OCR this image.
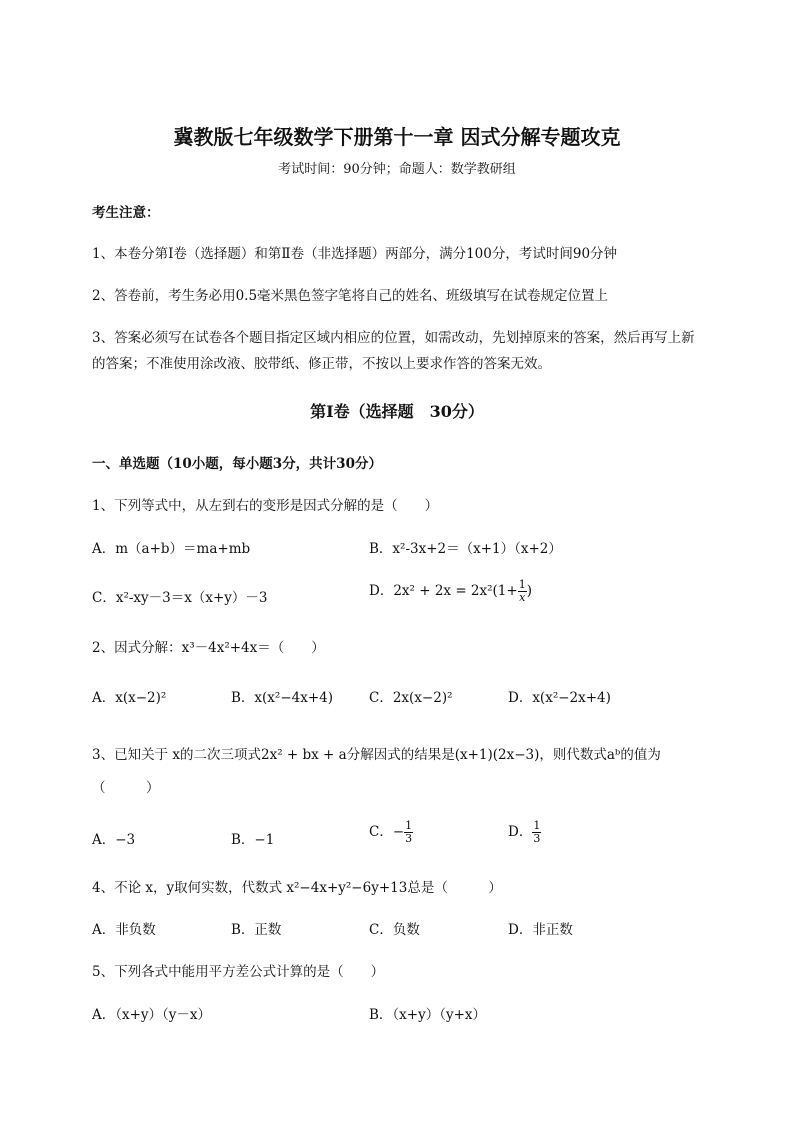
冀教版七年级数学下册第十一章 因式分解专题攻克
考试时间：90分钟；命题人：数学教研组
考生注意：
1、本卷分第Ⅰ卷（选择题）和第Ⅱ卷（非选择题）两部分，满分100分，考试时间90分钟
2、答卷前，考生务必用0.5毫米黑色签字笔将自己的姓名、班级填写在试卷规定位置上
3、答案必须写在试卷各个题目指定区域内相应的位置，如需改动，先划掉原来的答案，然后再写上新
的答案；不准使用涂改液、胶带纸、修正带，不按以上要求作答的答案无效。
第Ⅰ卷（选择题　30分）
一、单选题（10小题，每小题3分，共计30分）
1、下列等式中，从左到右的变形是因式分解的是（　　）
A．m（a+b）＝ma+mb	B．x²-3x+2＝（x+1）（x+2）
C．x²-xy－3＝x（x+y）－3	D．$2x^2 + 2x = 2x^2(1+ \frac{1}{x}$ )
2、因式分解：x³－4x²+4x＝（　　）
A．x(x−2)²	B．x(x²−4x+4)	C．2x(x−2)²	D．x(x²−2x+4)
3、已知关于 x的二次三项式2x² + bx + a分解因式的结果是(x+1)(2x−3)，则代数式aᵇ的值为
（　　　）
A．−3	B．−1	C．− $\frac{1}{3}$	D． $\frac{1}{3}$
4、不论 x，y取何实数，代数式 x²−4x+y²−6y+13总是（　　　）
A．非负数	B．正数	C．负数	D．非正数
5、下列各式中能用平方差公式计算的是（　　）
A．（x+y）（y－x）	B．（x+y）（y+x）
